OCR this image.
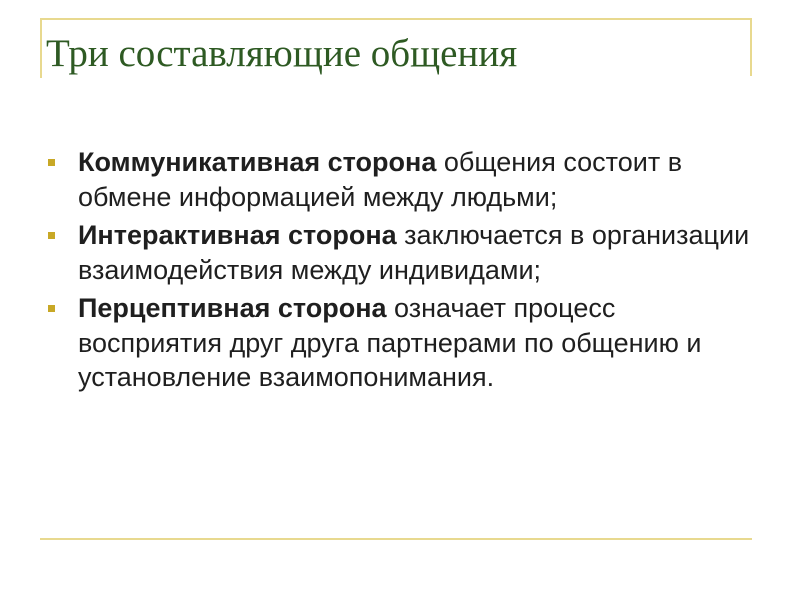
Три составляющие общения
Коммуникативная сторона общения состоит в обмене информацией между людьми;
Интерактивная сторона заключается в организации взаимодействия между индивидами;
Перцептивная сторона означает процесс восприятия друг друга партнерами по общению и установление взаимопонимания.
